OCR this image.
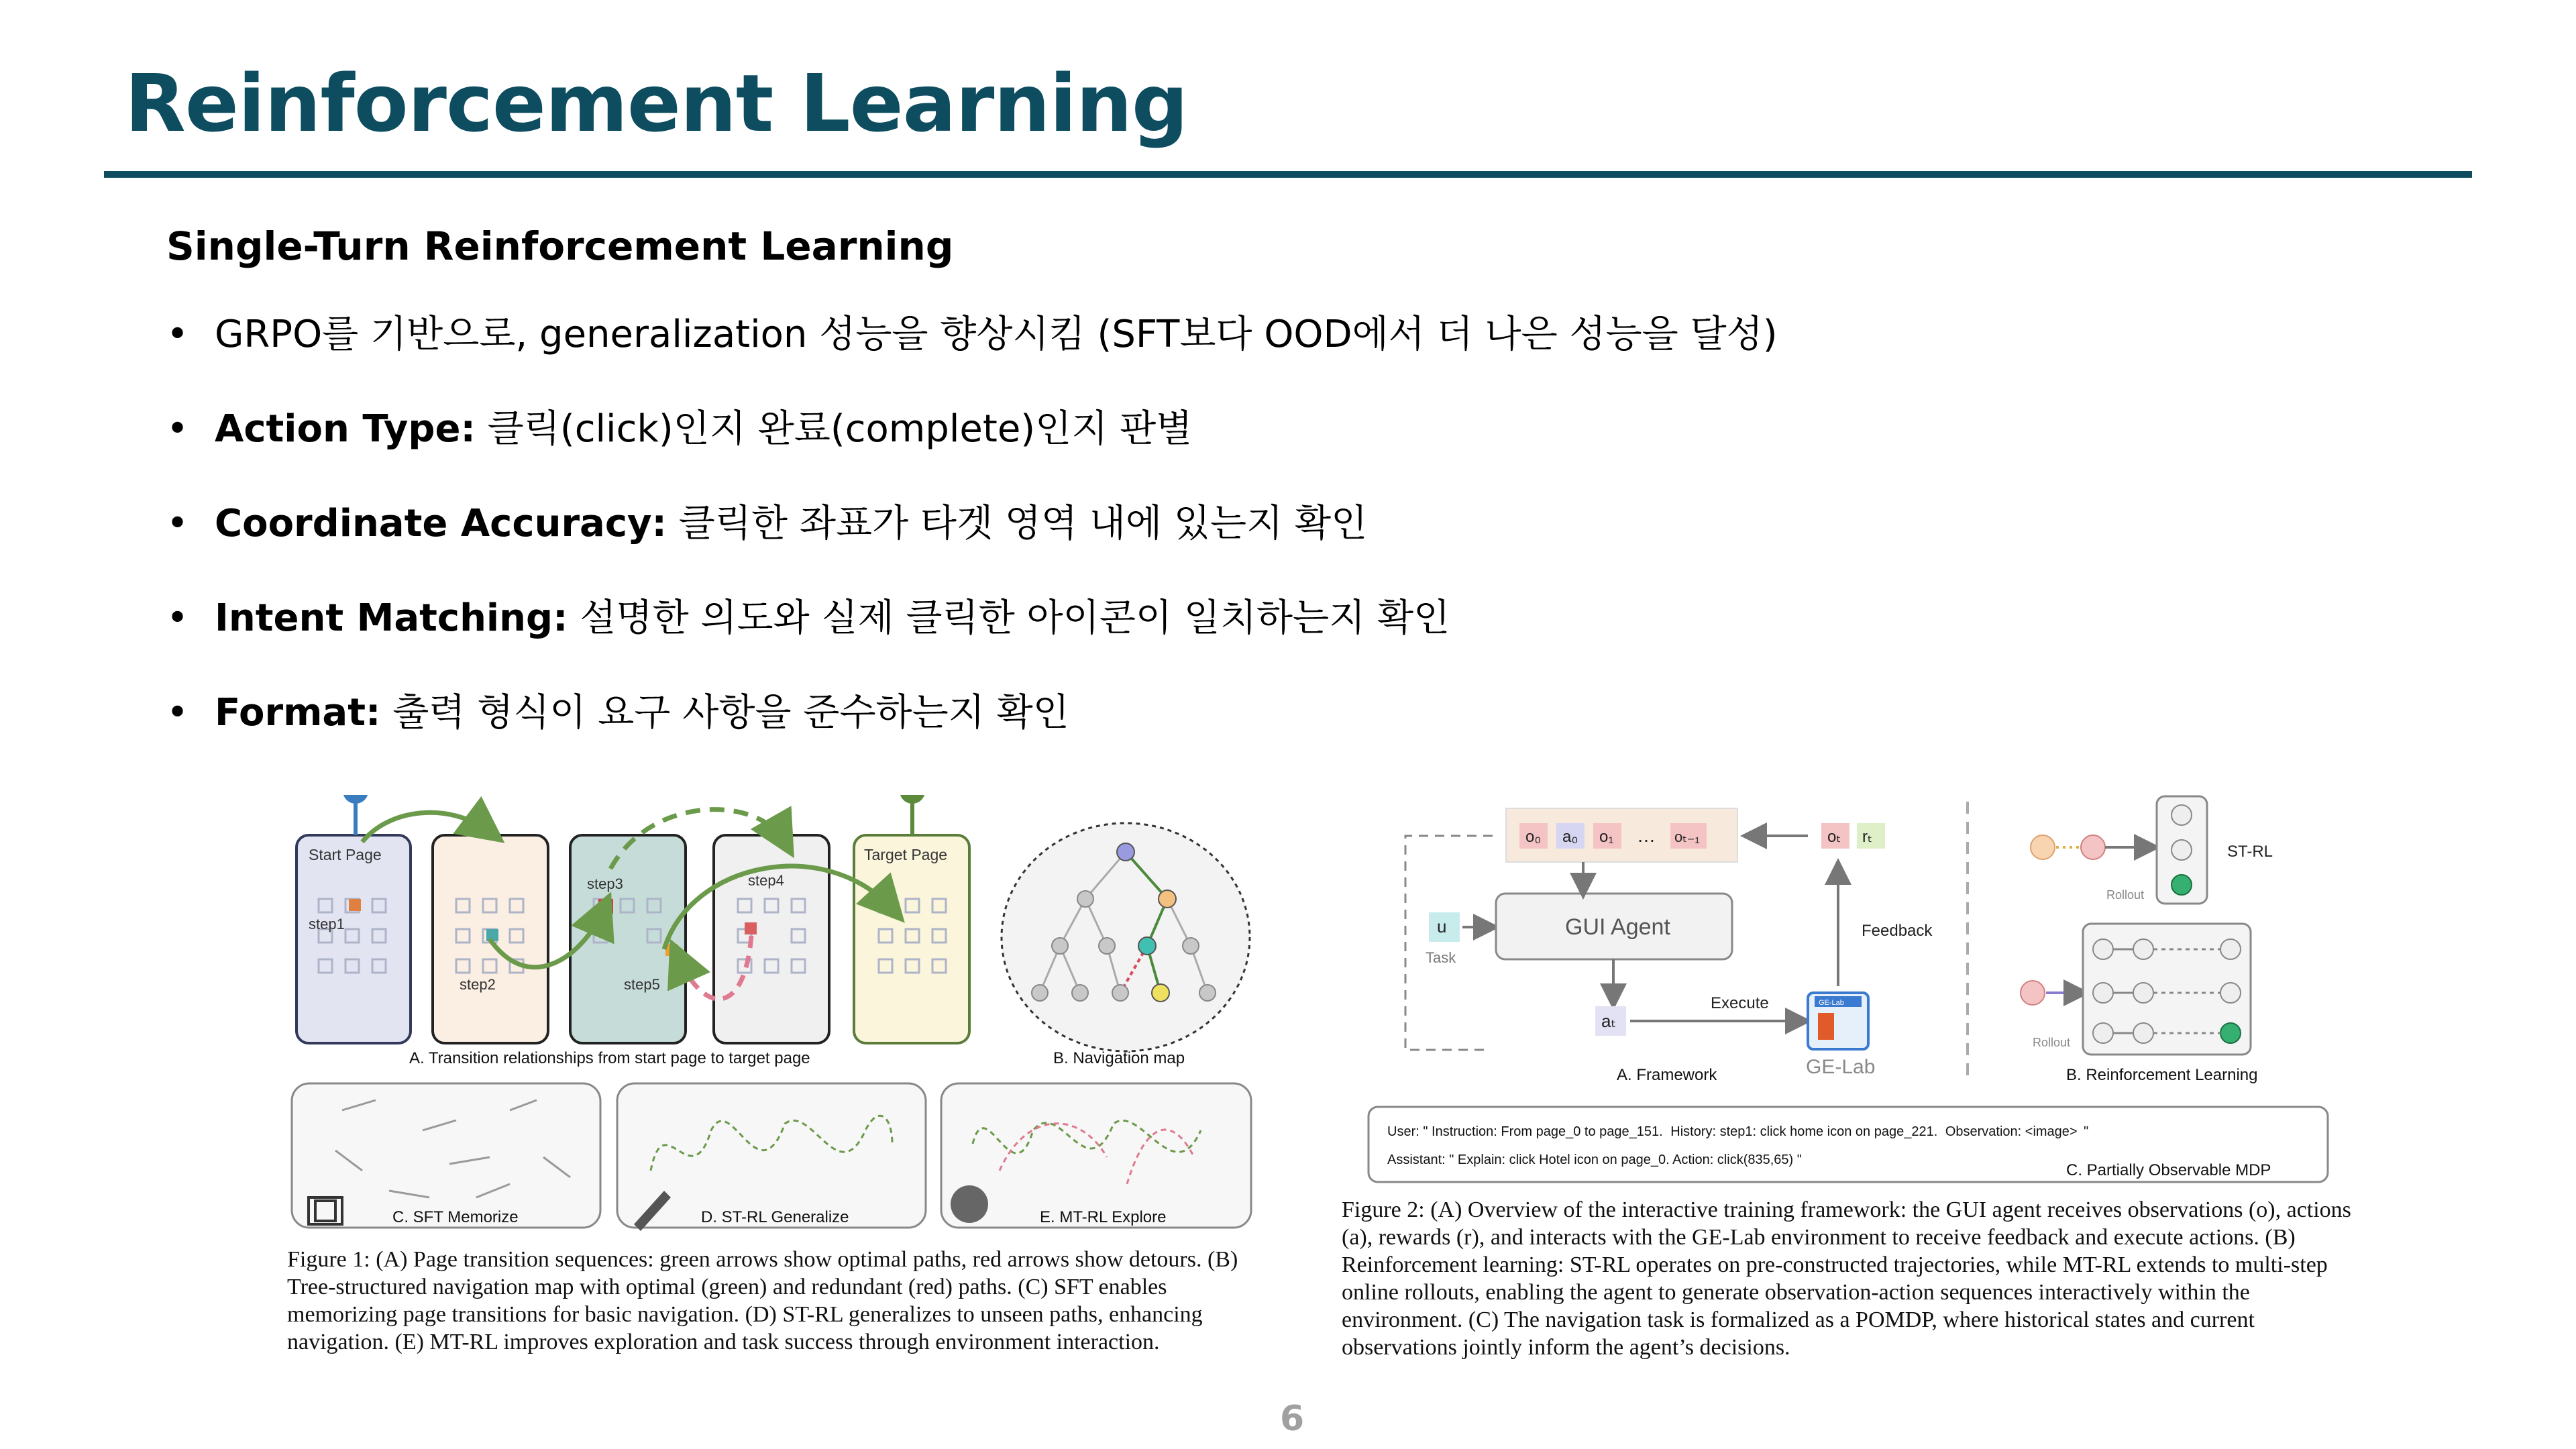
Reinforcement Learning
Single-Turn Reinforcement Learning
• GRPO를 기반으로, generalization 성능을 향상시킴 (SFT보다 OOD에서 더 나은 성능을 달성)
• Action Type: 클릭(click)인지 완료(complete)인지 판별
• Coordinate Accuracy: 클릭한 좌표가 타겟 영역 내에 있는지 확인
• Intent Matching: 설명한 의도와 실제 클릭한 아이콘이 일치하는지 확인
• Format: 출력 형식이 요구 사항을 준수하는지 확인
Start Page	Target Page
step1
step2
step3	step4
step5
A. Transition relationships from start page to target page	B. Navigation map
C. SFT Memorize	D. ST-RL Generalize	E. MT-RL Explore

Figure 1: (A) Page transition sequences: green arrows show optimal paths, red arrows show detours. (B) Tree-structured navigation map with optimal (green) and redundant (red) paths. (C) SFT enables memorizing page transitions for basic navigation. (D) ST-RL generalizes to unseen paths, enhancing navigation. (E) MT-RL improves exploration and task success through environment interaction.

o₀ a₀ o₁ … oₜ₋₁	oₜ rₜ
u
Task
GUI Agent
aₜ
Execute	GE-Lab
GE-Lab
Feedback
A. Framework
ST-RL
Rollout
Rollout
B. Reinforcement Learning
User: " Instruction: From page_0 to page_151. History: step1: click home icon on page_221. Observation: <image> "
Assistant: " Explain: click Hotel icon on page_0. Action: click(835,65) "
C. Partially Observable MDP

Figure 2: (A) Overview of the interactive training framework: the GUI agent receives observations (o), actions (a), rewards (r), and interacts with the GE-Lab environment to receive feedback and execute actions. (B) Reinforcement learning: ST-RL operates on pre-constructed trajectories, while MT-RL extends to multi-step online rollouts, enabling the agent to generate observation-action sequences interactively within the environment. (C) The navigation task is formalized as a POMDP, where historical states and current observations jointly inform the agent’s decisions.

6
